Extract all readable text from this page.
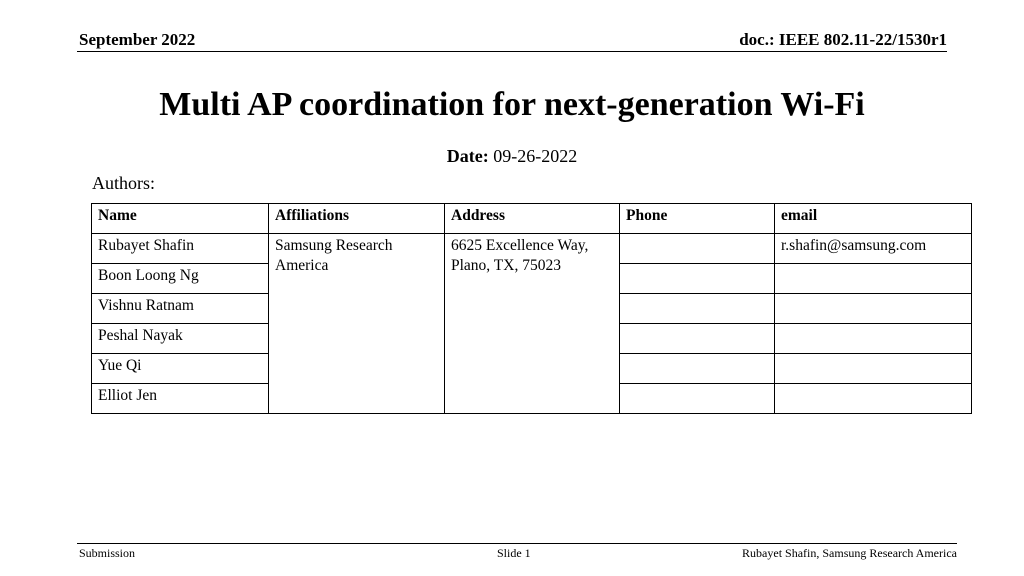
September 2022	doc.: IEEE 802.11-22/1530r1
Multi AP coordination for next-generation Wi-Fi
Date: 09-26-2022
Authors:
Name	Affiliations	Address	Phone	email
Rubayet Shafin	Samsung Research America	6625 Excellence Way, Plano, TX, 75023		r.shafin@samsung.com
Boon Loong Ng				
Vishnu Ratnam				
Peshal Nayak				
Yue Qi				
Elliot Jen				
Submission	Slide 1	Rubayet Shafin, Samsung Research America
